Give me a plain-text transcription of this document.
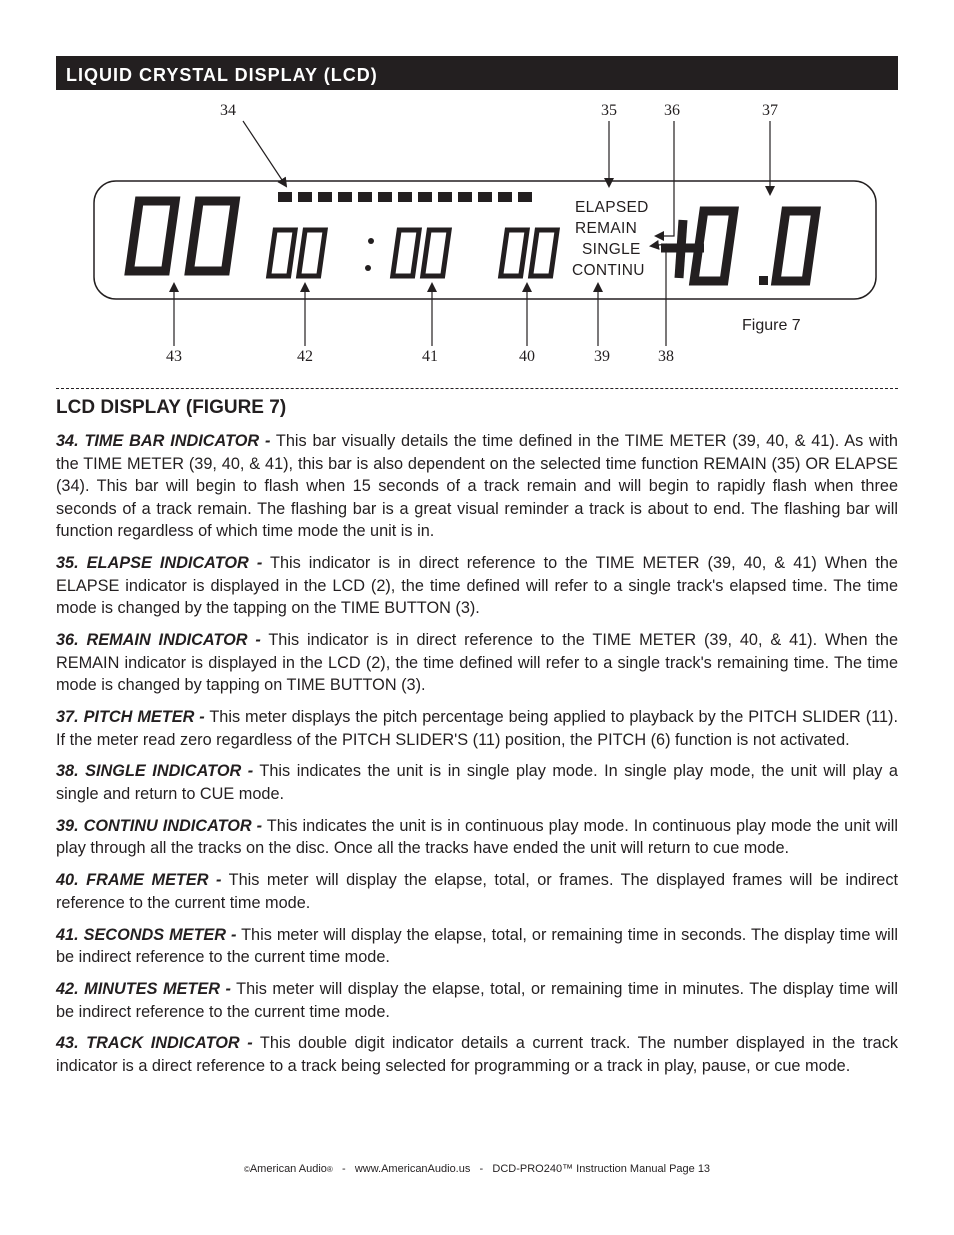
LIQUID CRYSTAL DISPLAY (LCD)
34	35	36	37
43	42	41	40	39	38
ELAPSED
REMAIN
SINGLE
CONTINU
Figure 7
LCD DISPLAY (FIGURE 7)

34. TIME BAR INDICATOR - This bar visually details the time defined in the TIME METER (39, 40, & 41). As with the TIME METER (39, 40, & 41), this bar is also dependent on the selected time function REMAIN (35) OR ELAPSE (34). This bar will begin to flash when 15 seconds of a track remain and will begin to rapidly flash when three seconds of a track remain. The flashing bar is a great visual reminder a track is about to end. The flashing bar will function regardless of which time mode the unit is in.

35. ELAPSE INDICATOR - This indicator is in direct reference to the TIME METER (39, 40, & 41) When the ELAPSE indicator is displayed in the LCD (2), the time defined will refer to a single track's elapsed time. The time mode is changed by the tapping on the TIME BUTTON (3).

36. REMAIN INDICATOR - This indicator is in direct reference to the TIME METER (39, 40, & 41). When the REMAIN indicator is displayed in the LCD (2), the time defined will refer to a single track's remaining time. The time mode is changed by tapping on TIME BUTTON (3).

37. PITCH METER - This meter displays the pitch percentage being applied to playback by the PITCH SLIDER (11). If the meter read zero regardless of the PITCH SLIDER'S (11) position, the PITCH (6) function is not activated.

38. SINGLE INDICATOR - This indicates the unit is in single play mode. In single play mode, the unit will play a single and return to CUE mode.

39. CONTINU INDICATOR - This indicates the unit is in continuous play mode. In continuous play mode the unit will play through all the tracks on the disc. Once all the tracks have ended the unit will return to cue mode.

40. FRAME METER - This meter will display the elapse, total, or frames. The displayed frames will be indirect reference to the current time mode.

41. SECONDS METER - This meter will display the elapse, total, or remaining time in seconds. The display time will be indirect reference to the current time mode.

42. MINUTES METER - This meter will display the elapse, total, or remaining time in minutes. The display time will be indirect reference to the current time mode.

43. TRACK INDICATOR - This double digit indicator details a current track. The number displayed in the track indicator is a direct reference to a track being selected for programming or a track in play, pause, or cue mode.

©American Audio® - www.AmericanAudio.us - DCD-PRO240™ Instruction Manual Page 13
